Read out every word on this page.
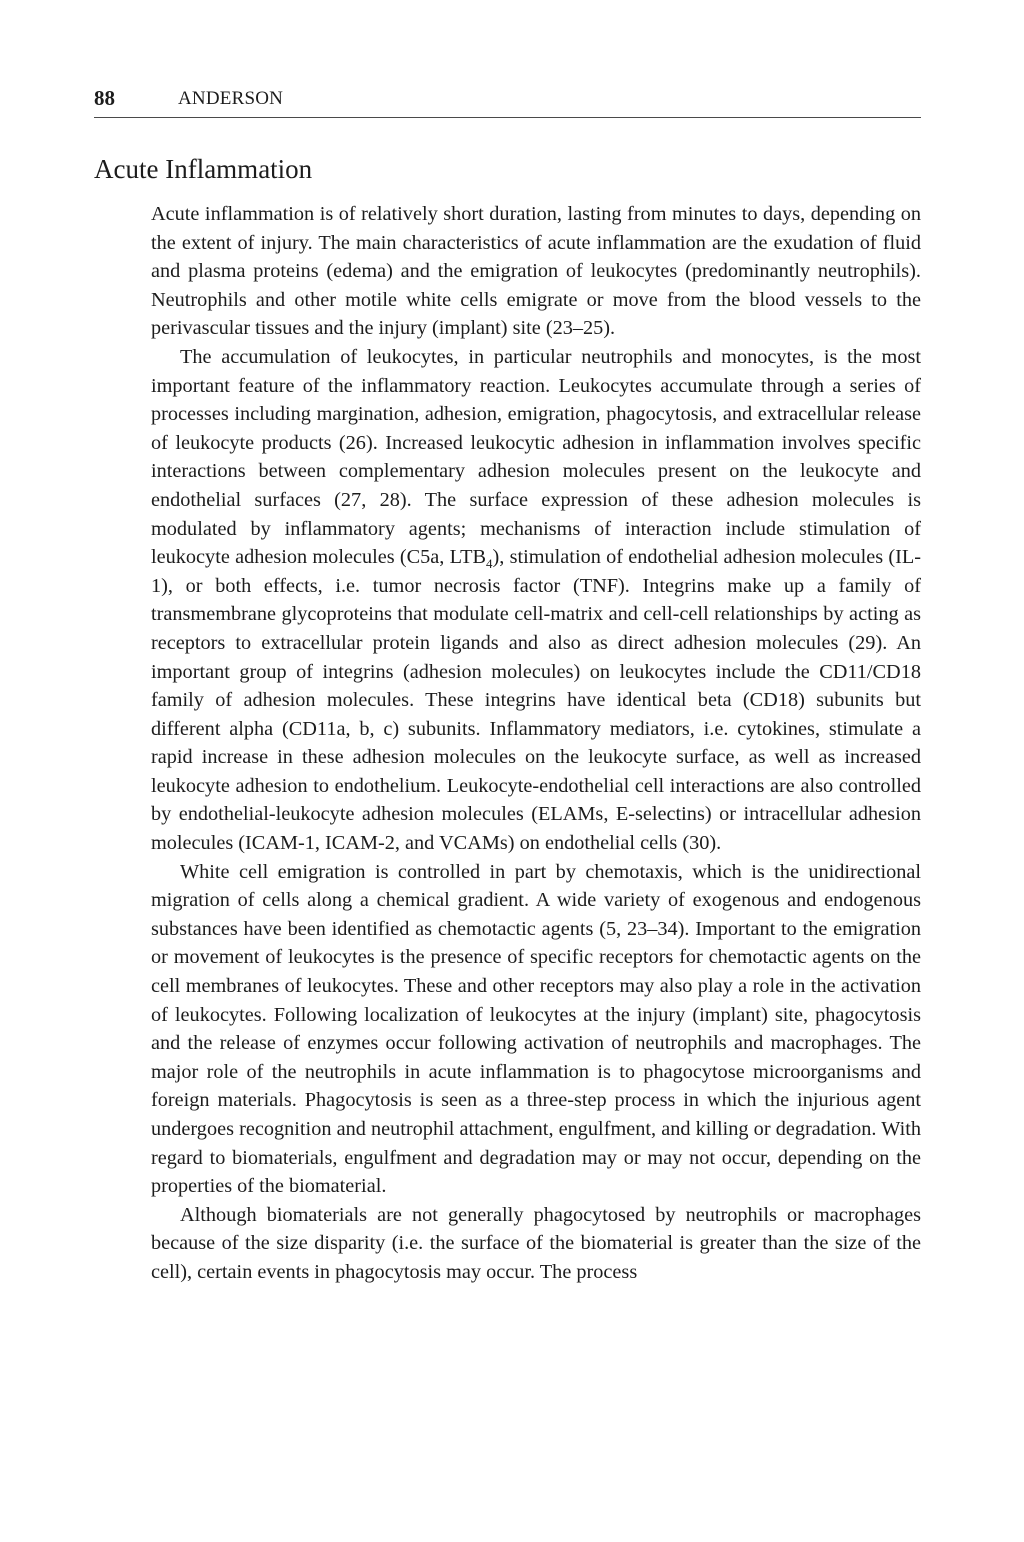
88	ANDERSON
Acute Inflammation

Acute inflammation is of relatively short duration, lasting from minutes to days, depending on the extent of injury. The main characteristics of acute inflammation are the exudation of fluid and plasma proteins (edema) and the emigration of leukocytes (predominantly neutrophils). Neutrophils and other motile white cells emigrate or move from the blood vessels to the perivascular tissues and the injury (implant) site (23–25).

The accumulation of leukocytes, in particular neutrophils and monocytes, is the most important feature of the inflammatory reaction. Leukocytes accumulate through a series of processes including margination, adhesion, emigration, phagocytosis, and extracellular release of leukocyte products (26). Increased leukocytic adhesion in inflammation involves specific interactions between complementary adhesion molecules present on the leukocyte and endothelial surfaces (27, 28). The surface expression of these adhesion molecules is modulated by inflammatory agents; mechanisms of interaction include stimulation of leukocyte adhesion molecules (C5a, $LTB_4$), stimulation of endothelial adhesion molecules (IL-1), or both effects, i.e. tumor necrosis factor (TNF). Integrins make up a family of transmembrane glycoproteins that modulate cell-matrix and cell-cell relationships by acting as receptors to extracellular protein ligands and also as direct adhesion molecules (29). An important group of integrins (adhesion molecules) on leukocytes include the CD11/CD18 family of adhesion molecules. These integrins have identical beta (CD18) subunits but different alpha (CD11a, b, c) subunits. Inflammatory mediators, i.e. cytokines, stimulate a rapid increase in these adhesion molecules on the leukocyte surface, as well as increased leukocyte adhesion to endothelium. Leukocyte-endothelial cell interactions are also controlled by endothelial-leukocyte adhesion molecules (ELAMs, E-selectins) or intracellular adhesion molecules (ICAM-1, ICAM-2, and VCAMs) on endothelial cells (30).

White cell emigration is controlled in part by chemotaxis, which is the unidirectional migration of cells along a chemical gradient. A wide variety of exogenous and endogenous substances have been identified as chemotactic agents (5, 23–34). Important to the emigration or movement of leukocytes is the presence of specific receptors for chemotactic agents on the cell membranes of leukocytes. These and other receptors may also play a role in the activation of leukocytes. Following localization of leukocytes at the injury (implant) site, phagocytosis and the release of enzymes occur following activation of neutrophils and macrophages. The major role of the neutrophils in acute inflammation is to phagocytose microorganisms and foreign materials. Phagocytosis is seen as a three-step process in which the injurious agent undergoes recognition and neutrophil attachment, engulfment, and killing or degradation. With regard to biomaterials, engulfment and degradation may or may not occur, depending on the properties of the biomaterial.

Although biomaterials are not generally phagocytosed by neutrophils or macrophages because of the size disparity (i.e. the surface of the biomaterial is greater than the size of the cell), certain events in phagocytosis may occur. The process
